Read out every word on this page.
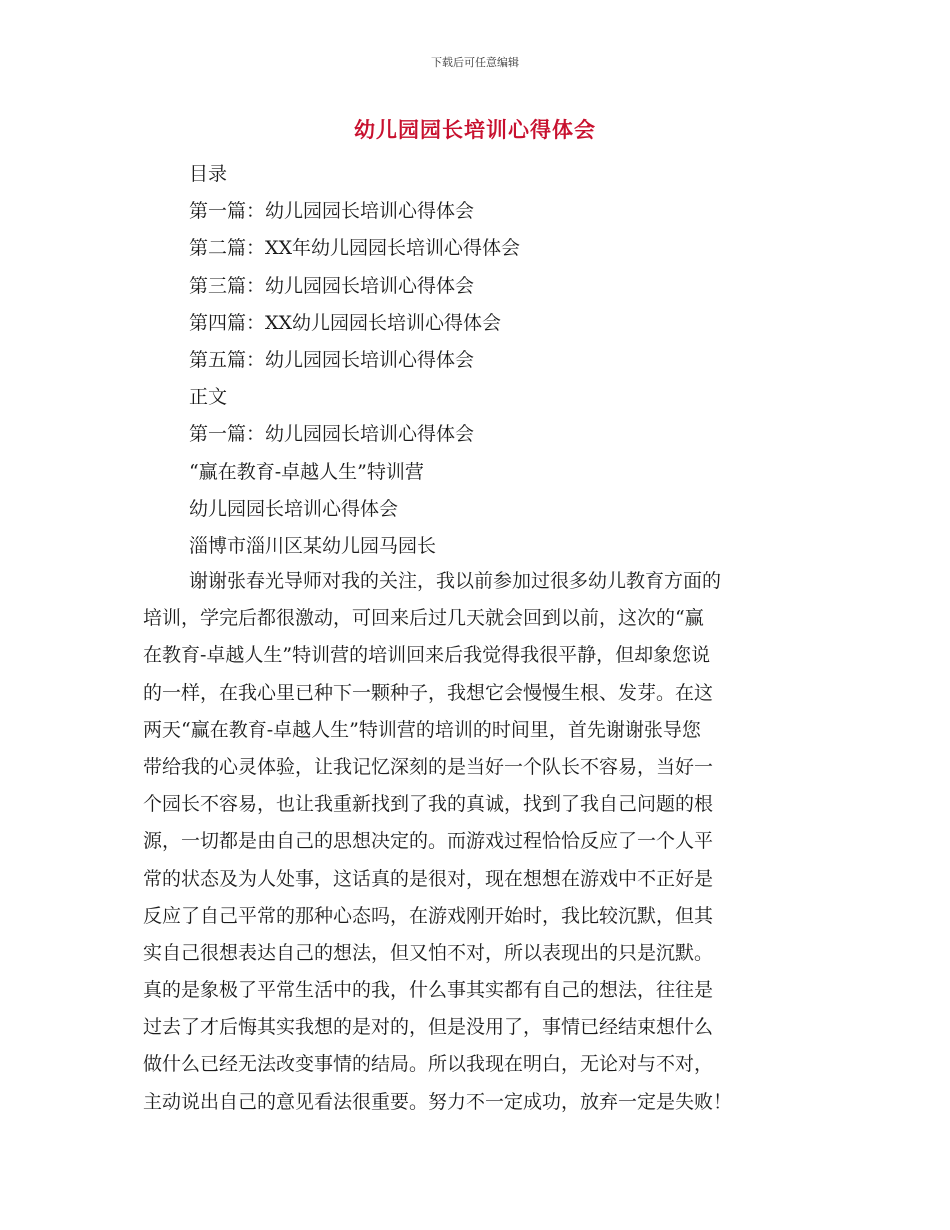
下载后可任意编辑
幼儿园园长培训心得体会
目录
第一篇：幼儿园园长培训心得体会
第二篇：XX年幼儿园园长培训心得体会
第三篇：幼儿园园长培训心得体会
第四篇：XX幼儿园园长培训心得体会
第五篇：幼儿园园长培训心得体会
正文
第一篇：幼儿园园长培训心得体会
“赢在教育-卓越人生”特训营
幼儿园园长培训心得体会
淄博市淄川区某幼儿园马园长
谢谢张春光导师对我的关注，我以前参加过很多幼儿教育方面的
培训，学完后都很激动，可回来后过几天就会回到以前，这次的“赢
在教育-卓越人生”特训营的培训回来后我觉得我很平静，但却象您说
的一样，在我心里已种下一颗种子，我想它会慢慢生根、发芽。在这
两天“赢在教育-卓越人生”特训营的培训的时间里，首先谢谢张导您
带给我的心灵体验，让我记忆深刻的是当好一个队长不容易，当好一
个园长不容易，也让我重新找到了我的真诚，找到了我自己问题的根
源，一切都是由自己的思想决定的。而游戏过程恰恰反应了一个人平
常的状态及为人处事，这话真的是很对，现在想想在游戏中不正好是
反应了自己平常的那种心态吗，在游戏刚开始时，我比较沉默，但其
实自己很想表达自己的想法，但又怕不对，所以表现出的只是沉默。
真的是象极了平常生活中的我，什么事其实都有自己的想法，往往是
过去了才后悔其实我想的是对的，但是没用了，事情已经结束想什么
做什么已经无法改变事情的结局。所以我现在明白，无论对与不对，
主动说出自己的意见看法很重要。努力不一定成功，放弃一定是失败！
